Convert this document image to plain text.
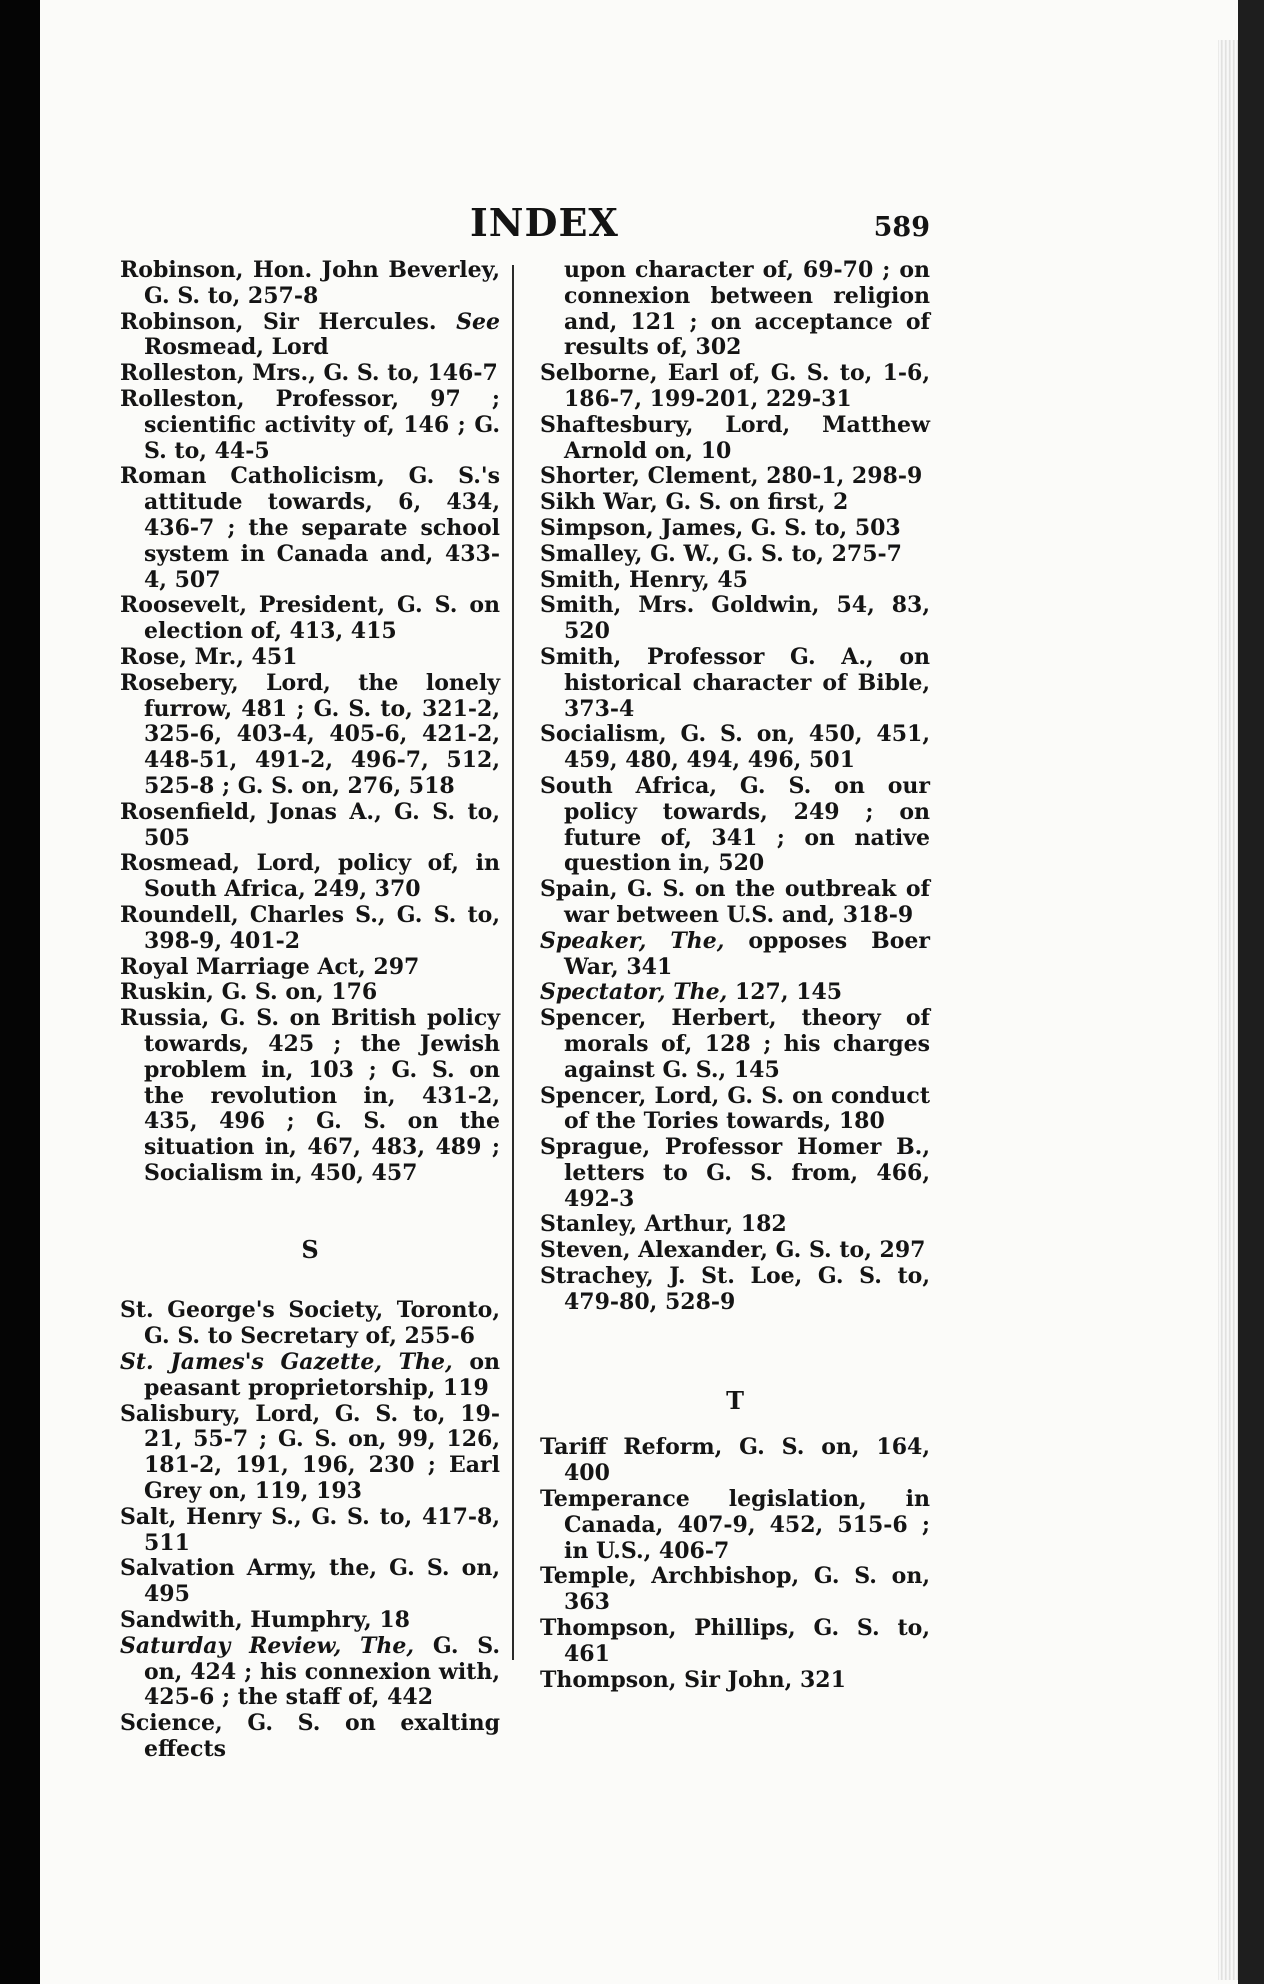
INDEX	589

Robinson, Hon. John Beverley, G. S. to, 257-8

Robinson, Sir Hercules. See Rosmead, Lord

Rolleston, Mrs., G. S. to, 146-7

Rolleston, Professor, 97 ; scientific activity of, 146 ; G. S. to, 44-5

Roman Catholicism, G. S.'s attitude towards, 6, 434, 436-7 ; the separate school system in Canada and, 433-4, 507

Roosevelt, President, G. S. on election of, 413, 415

Rose, Mr., 451

Rosebery, Lord, the lonely furrow, 481 ; G. S. to, 321-2, 325-6, 403-4, 405-6, 421-2, 448-51, 491-2, 496-7, 512, 525-8 ; G. S. on, 276, 518

Rosenfield, Jonas A., G. S. to, 505

Rosmead, Lord, policy of, in South Africa, 249, 370

Roundell, Charles S., G. S. to, 398-9, 401-2

Royal Marriage Act, 297

Ruskin, G. S. on, 176

Russia, G. S. on British policy towards, 425 ; the Jewish problem in, 103 ; G. S. on the revolution in, 431-2, 435, 496 ; G. S. on the situation in, 467, 483, 489 ; Socialism in, 450, 457

S

St. George's Society, Toronto, G. S. to Secretary of, 255-6

St. James's Gazette, The, on peasant proprietorship, 119

Salisbury, Lord, G. S. to, 19-21, 55-7 ; G. S. on, 99, 126, 181-2, 191, 196, 230 ; Earl Grey on, 119, 193

Salt, Henry S., G. S. to, 417-8, 511

Salvation Army, the, G. S. on, 495

Sandwith, Humphry, 18

Saturday Review, The, G. S. on, 424 ; his connexion with, 425-6 ; the staff of, 442

Science, G. S. on exalting effects

upon character of, 69-70 ; on connexion between religion and, 121 ; on acceptance of results of, 302

Selborne, Earl of, G. S. to, 1-6, 186-7, 199-201, 229-31

Shaftesbury, Lord, Matthew Arnold on, 10

Shorter, Clement, 280-1, 298-9

Sikh War, G. S. on first, 2

Simpson, James, G. S. to, 503

Smalley, G. W., G. S. to, 275-7

Smith, Henry, 45

Smith, Mrs. Goldwin, 54, 83, 520

Smith, Professor G. A., on historical character of Bible, 373-4

Socialism, G. S. on, 450, 451, 459, 480, 494, 496, 501

South Africa, G. S. on our policy towards, 249 ; on future of, 341 ; on native question in, 520

Spain, G. S. on the outbreak of war between U.S. and, 318-9

Speaker, The, opposes Boer War, 341

Spectator, The, 127, 145

Spencer, Herbert, theory of morals of, 128 ; his charges against G. S., 145

Spencer, Lord, G. S. on conduct of the Tories towards, 180

Sprague, Professor Homer B., letters to G. S. from, 466, 492-3

Stanley, Arthur, 182

Steven, Alexander, G. S. to, 297

Strachey, J. St. Loe, G. S. to, 479-80, 528-9

T

Tariff Reform, G. S. on, 164, 400

Temperance legislation, in Canada, 407-9, 452, 515-6 ; in U.S., 406-7

Temple, Archbishop, G. S. on, 363

Thompson, Phillips, G. S. to, 461

Thompson, Sir John, 321
